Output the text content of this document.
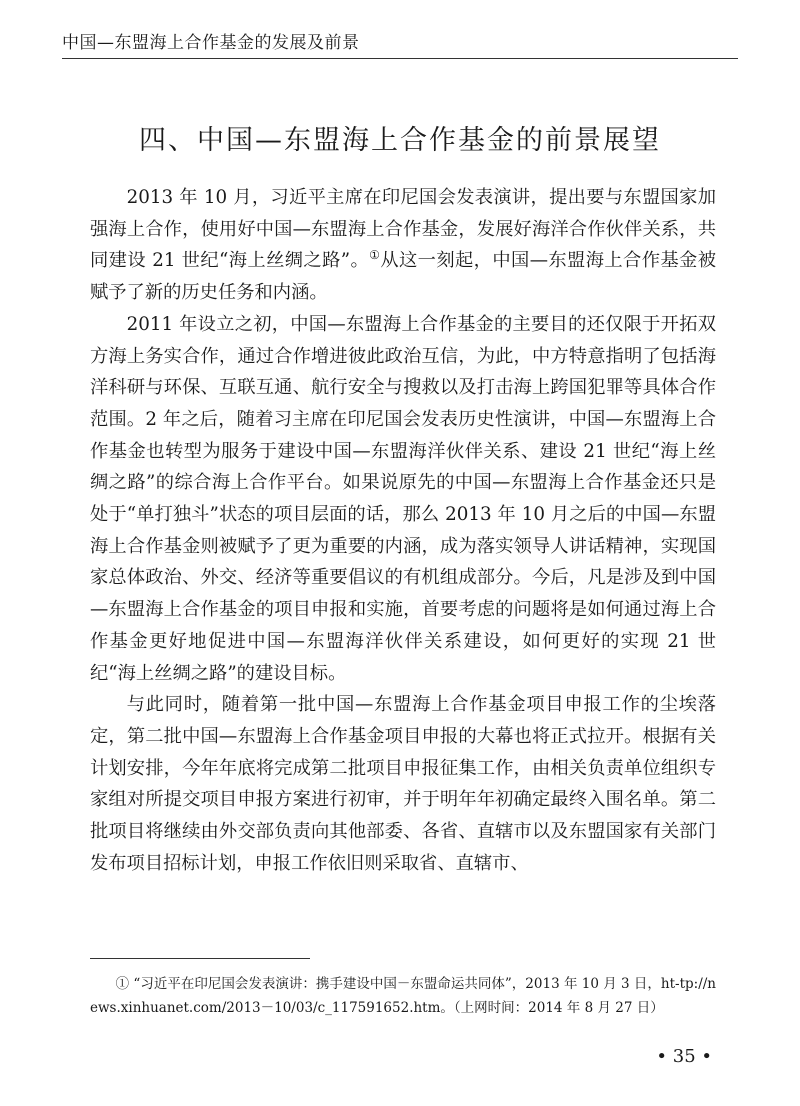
中国—东盟海上合作基金的发展及前景
四、中国—东盟海上合作基金的前景展望

2013 年 10 月，习近平主席在印尼国会发表演讲，提出要与东盟国家加强海上合作，使用好中国—东盟海上合作基金，发展好海洋合作伙伴关系，共同建设 21 世纪“海上丝绸之路”。①从这一刻起，中国—东盟海上合作基金被赋予了新的历史任务和内涵。

2011 年设立之初，中国—东盟海上合作基金的主要目的还仅限于开拓双方海上务实合作，通过合作增进彼此政治互信，为此，中方特意指明了包括海洋科研与环保、互联互通、航行安全与搜救以及打击海上跨国犯罪等具体合作范围。2 年之后，随着习主席在印尼国会发表历史性演讲，中国—东盟海上合作基金也转型为服务于建设中国—东盟海洋伙伴关系、建设 21 世纪“海上丝绸之路”的综合海上合作平台。如果说原先的中国—东盟海上合作基金还只是处于“单打独斗”状态的项目层面的话，那么 2013 年 10 月之后的中国—东盟海上合作基金则被赋予了更为重要的内涵，成为落实领导人讲话精神，实现国家总体政治、外交、经济等重要倡议的有机组成部分。今后，凡是涉及到中国—东盟海上合作基金的项目申报和实施，首要考虑的问题将是如何通过海上合作基金更好地促进中国—东盟海洋伙伴关系建设，如何更好的实现 21 世纪“海上丝绸之路”的建设目标。

与此同时，随着第一批中国—东盟海上合作基金项目申报工作的尘埃落定，第二批中国—东盟海上合作基金项目申报的大幕也将正式拉开。根据有关计划安排，今年年底将完成第二批项目申报征集工作，由相关负责单位组织专家组对所提交项目申报方案进行初审，并于明年年初确定最终入围名单。第二批项目将继续由外交部负责向其他部委、各省、直辖市以及东盟国家有关部门发布项目招标计划，申报工作依旧则采取省、直辖市、

① “习近平在印尼国会发表演讲：携手建设中国－东盟命运共同体”，2013 年 10 月 3 日，ht-tp://news.xinhuanet.com/2013－10/03/c_117591652.htm。（上网时间：2014 年 8 月 27 日）
• 35 •
